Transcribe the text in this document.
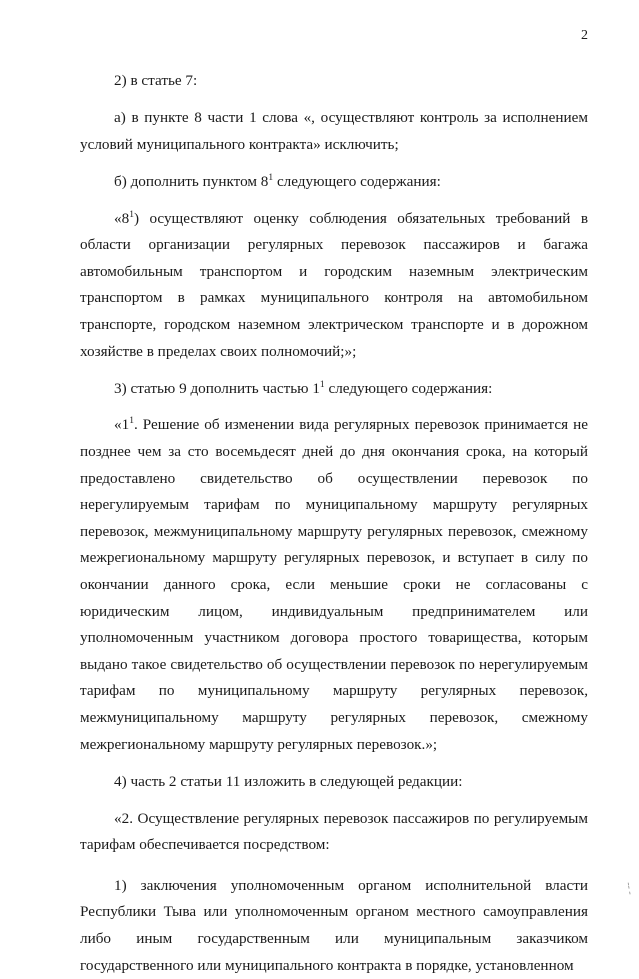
2

2) в статье 7:

а) в пункте 8 части 1 слова «, осуществляют контроль за исполнением условий муниципального контракта» исключить;

б) дополнить пунктом $8^1$ следующего содержания:

«$8^1$) осуществляют оценку соблюдения обязательных требований в области организации регулярных перевозок пассажиров и багажа автомобильным транспортом и городским наземным электрическим транспортом в рамках муниципального контроля на автомобильном транспорте, городском наземном электрическом транспорте и в дорожном хозяйстве в пределах своих полномочий;»;

3) статью 9 дополнить частью $1^1$ следующего содержания:

«$1^1$. Решение об изменении вида регулярных перевозок принимается не позднее чем за сто восемьдесят дней до дня окончания срока, на который предоставлено свидетельство об осуществлении перевозок по нерегулируемым тарифам по муниципальному маршруту регулярных перевозок, межмуниципальному маршруту регулярных перевозок, смежному межрегиональному маршруту регулярных перевозок, и вступает в силу по окончании данного срока, если меньшие сроки не согласованы с юридическим лицом, индивидуальным предпринимателем или уполномоченным участником договора простого товарищества, которым выдано такое свидетельство об осуществлении перевозок по нерегулируемым тарифам по муниципальному маршруту регулярных перевозок, межмуниципальному маршруту регулярных перевозок, смежному межрегиональному маршруту регулярных перевозок.»;

4) часть 2 статьи 11 изложить в следующей редакции:

«2. Осуществление регулярных перевозок пассажиров по регулируемым тарифам обеспечивается посредством:

1) заключения уполномоченным органом исполнительной власти Республики Тыва или уполномоченным органом местного самоуправления либо иным государственным или муниципальным заказчиком государственного или муниципального контракта в порядке, установленном

-- -
